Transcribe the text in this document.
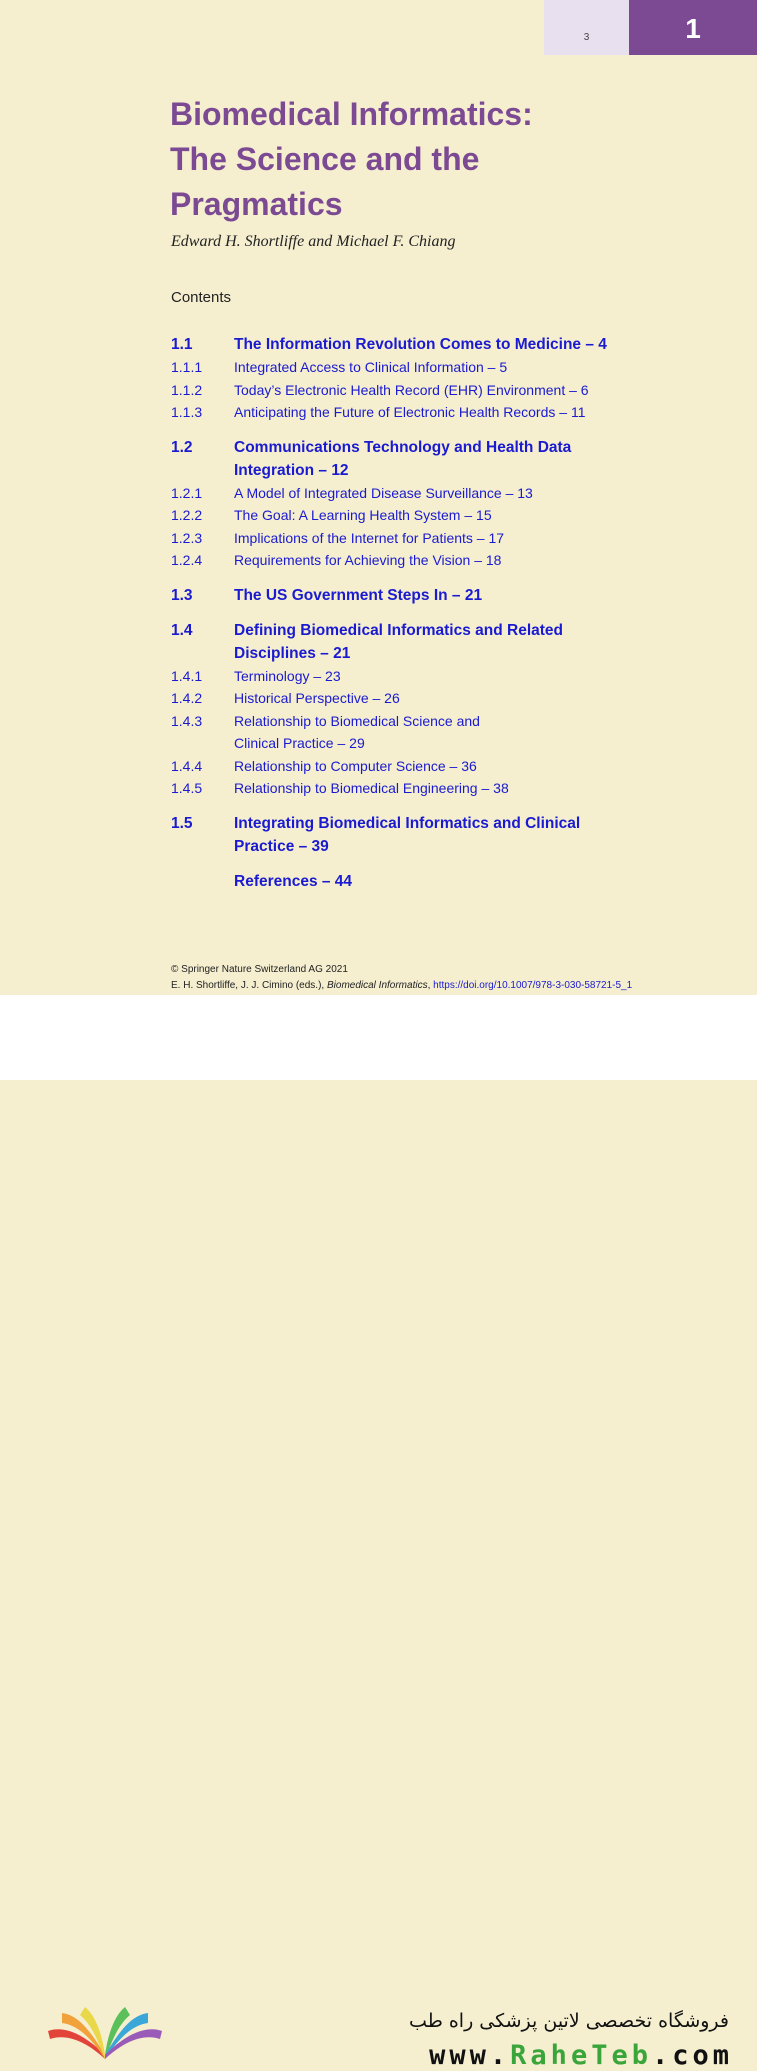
3	1
Biomedical Informatics:
The Science and the
Pragmatics
Edward H. Shortliffe and Michael F. Chiang
Contents
1.1	The Information Revolution Comes to Medicine – 4
1.1.1	Integrated Access to Clinical Information – 5
1.1.2	Today’s Electronic Health Record (EHR) Environment – 6
1.1.3	Anticipating the Future of Electronic Health Records – 11
1.2	Communications Technology and Health Data Integration – 12
1.2.1	A Model of Integrated Disease Surveillance – 13
1.2.2	The Goal: A Learning Health System – 15
1.2.3	Implications of the Internet for Patients – 17
1.2.4	Requirements for Achieving the Vision – 18
1.3	The US Government Steps In – 21
1.4	Defining Biomedical Informatics and Related Disciplines – 21
1.4.1	Terminology – 23
1.4.2	Historical Perspective – 26
1.4.3	Relationship to Biomedical Science and Clinical Practice – 29
1.4.4	Relationship to Computer Science – 36
1.4.5	Relationship to Biomedical Engineering – 38
1.5	Integrating Biomedical Informatics and Clinical Practice – 39
References – 44
© Springer Nature Switzerland AG 2021
E. H. Shortliffe, J. J. Cimino (eds.), Biomedical Informatics, https://doi.org/10.1007/978-3-030-58721-5_1
فروشگاه تخصصی لاتین پزشکی راه طب
www.RaheTeb.com
